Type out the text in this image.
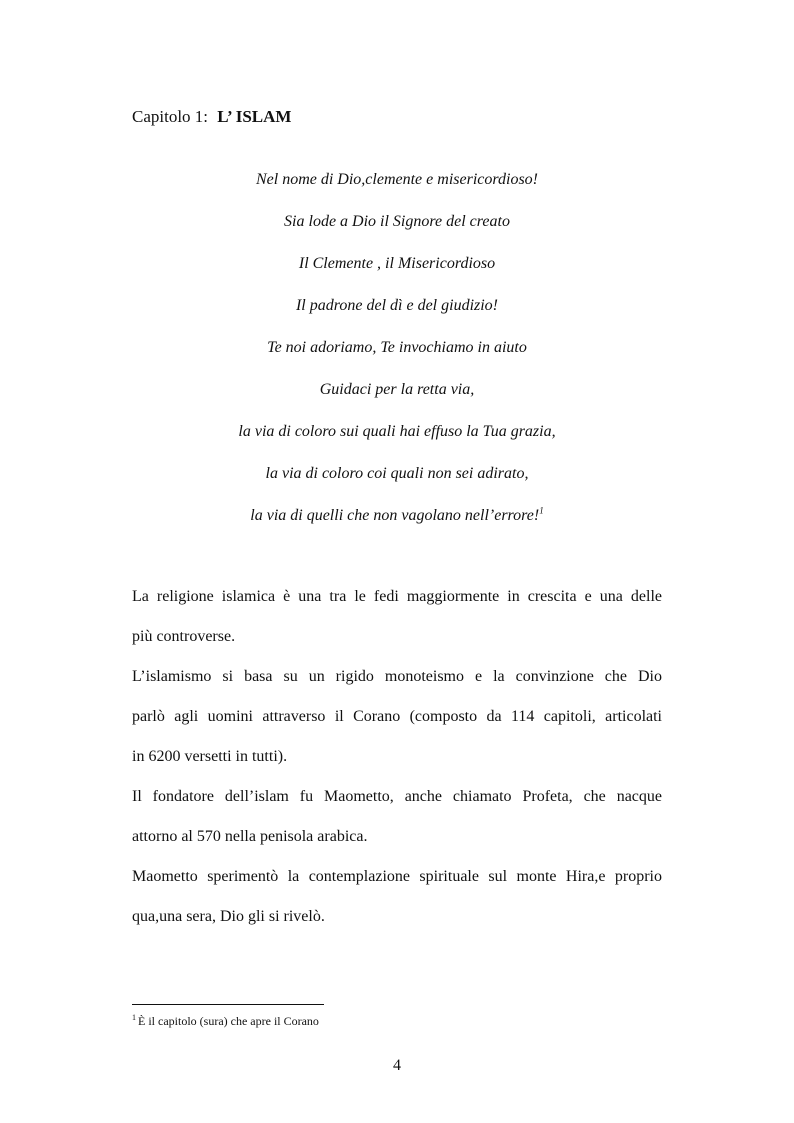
Capitolo 1: L’ ISLAM
Nel nome di Dio,clemente e misericordioso!
Sia lode a Dio il Signore del creato
Il Clemente , il Misericordioso
Il padrone del dì e del giudizio!
Te noi adoriamo, Te invochiamo in aiuto
Guidaci per la retta via,
la via di coloro sui quali hai effuso la Tua grazia,
la via di coloro coi quali non sei adirato,
la via di quelli che non vagolano nell’errore!$^1$
La religione islamica è una tra le fedi maggiormente in crescita e una delle
più controverse.
L’islamismo si basa su un rigido monoteismo e la convinzione che Dio
parlò agli uomini attraverso il Corano (composto da 114 capitoli, articolati
in 6200 versetti in tutti).
Il fondatore dell’islam fu Maometto, anche chiamato Profeta, che nacque
attorno al 570 nella penisola arabica.
Maometto sperimentò la contemplazione spirituale sul monte Hira,e proprio
qua,una sera, Dio gli si rivelò.
$^1$ È il capitolo (sura) che apre il Corano
4
